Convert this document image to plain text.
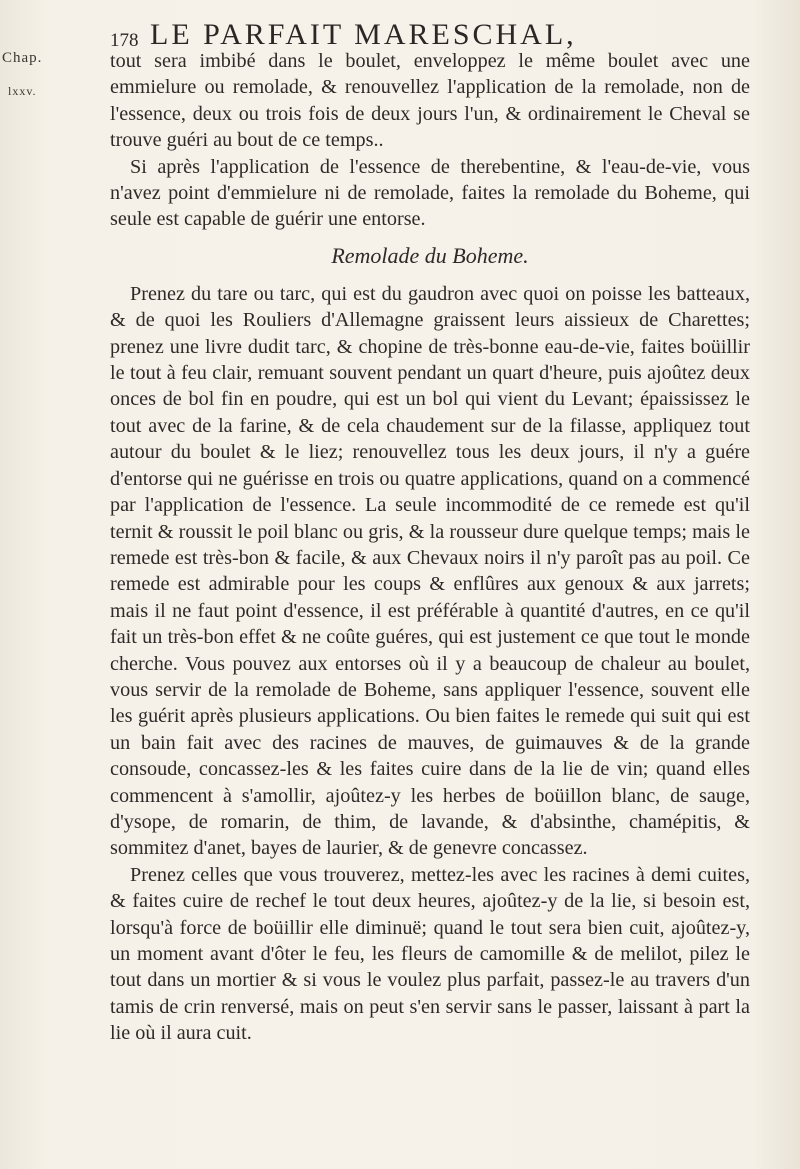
Chap.
lxxv.
178 LE PARFAIT MARESCHAL,

tout sera imbibé dans le boulet, enveloppez le même boulet avec une emmielure ou remolade, & renouvellez l'application de la remolade, non de l'essence, deux ou trois fois de deux jours l'un, & ordinairement le Cheval se trouve guéri au bout de ce temps..

Si après l'application de l'essence de therebentine, & l'eau-de-vie, vous n'avez point d'emmielure ni de remolade, faites la remolade du Boheme, qui seule est capable de guérir une entorse.

Remolade du Boheme.

Prenez du tare ou tarc, qui est du gaudron avec quoi on poisse les batteaux, & de quoi les Rouliers d'Allemagne graissent leurs aissieux de Charettes; prenez une livre dudit tarc, & chopine de très-bonne eau-de-vie, faites boüillir le tout à feu clair, remuant souvent pendant un quart d'heure, puis ajoûtez deux onces de bol fin en poudre, qui est un bol qui vient du Levant; épaississez le tout avec de la farine, & de cela chaudement sur de la filasse, appliquez tout autour du boulet & le liez; renouvellez tous les deux jours, il n'y a guére d'entorse qui ne guérisse en trois ou quatre applications, quand on a commencé par l'application de l'essence. La seule incommodité de ce remede est qu'il ternit & roussit le poil blanc ou gris, & la rousseur dure quelque temps; mais le remede est très-bon & facile, & aux Chevaux noirs il n'y paroît pas au poil. Ce remede est admirable pour les coups & enflûres aux genoux & aux jarrets; mais il ne faut point d'essence, il est préférable à quantité d'autres, en ce qu'il fait un très-bon effet & ne coûte guéres, qui est justement ce que tout le monde cherche. Vous pouvez aux entorses où il y a beaucoup de chaleur au boulet, vous servir de la remolade de Boheme, sans appliquer l'essence, souvent elle les guérit après plusieurs applications. Ou bien faites le remede qui suit qui est un bain fait avec des racines de mauves, de guimauves & de la grande consoude, concassez-les & les faites cuire dans de la lie de vin; quand elles commencent à s'amollir, ajoûtez-y les herbes de boüillon blanc, de sauge, d'ysope, de romarin, de thim, de lavande, & d'absinthe, chamépitis, & sommitez d'anet, bayes de laurier, & de genevre concassez.

Prenez celles que vous trouverez, mettez-les avec les racines à demi cuites, & faites cuire de rechef le tout deux heures, ajoûtez-y de la lie, si besoin est, lorsqu'à force de boüillir elle diminuë; quand le tout sera bien cuit, ajoûtez-y, un moment avant d'ôter le feu, les fleurs de camomille & de melilot, pilez le tout dans un mortier & si vous le voulez plus parfait, passez-le au travers d'un tamis de crin renversé, mais on peut s'en servir sans le passer, laissant à part la lie où il aura cuit.
